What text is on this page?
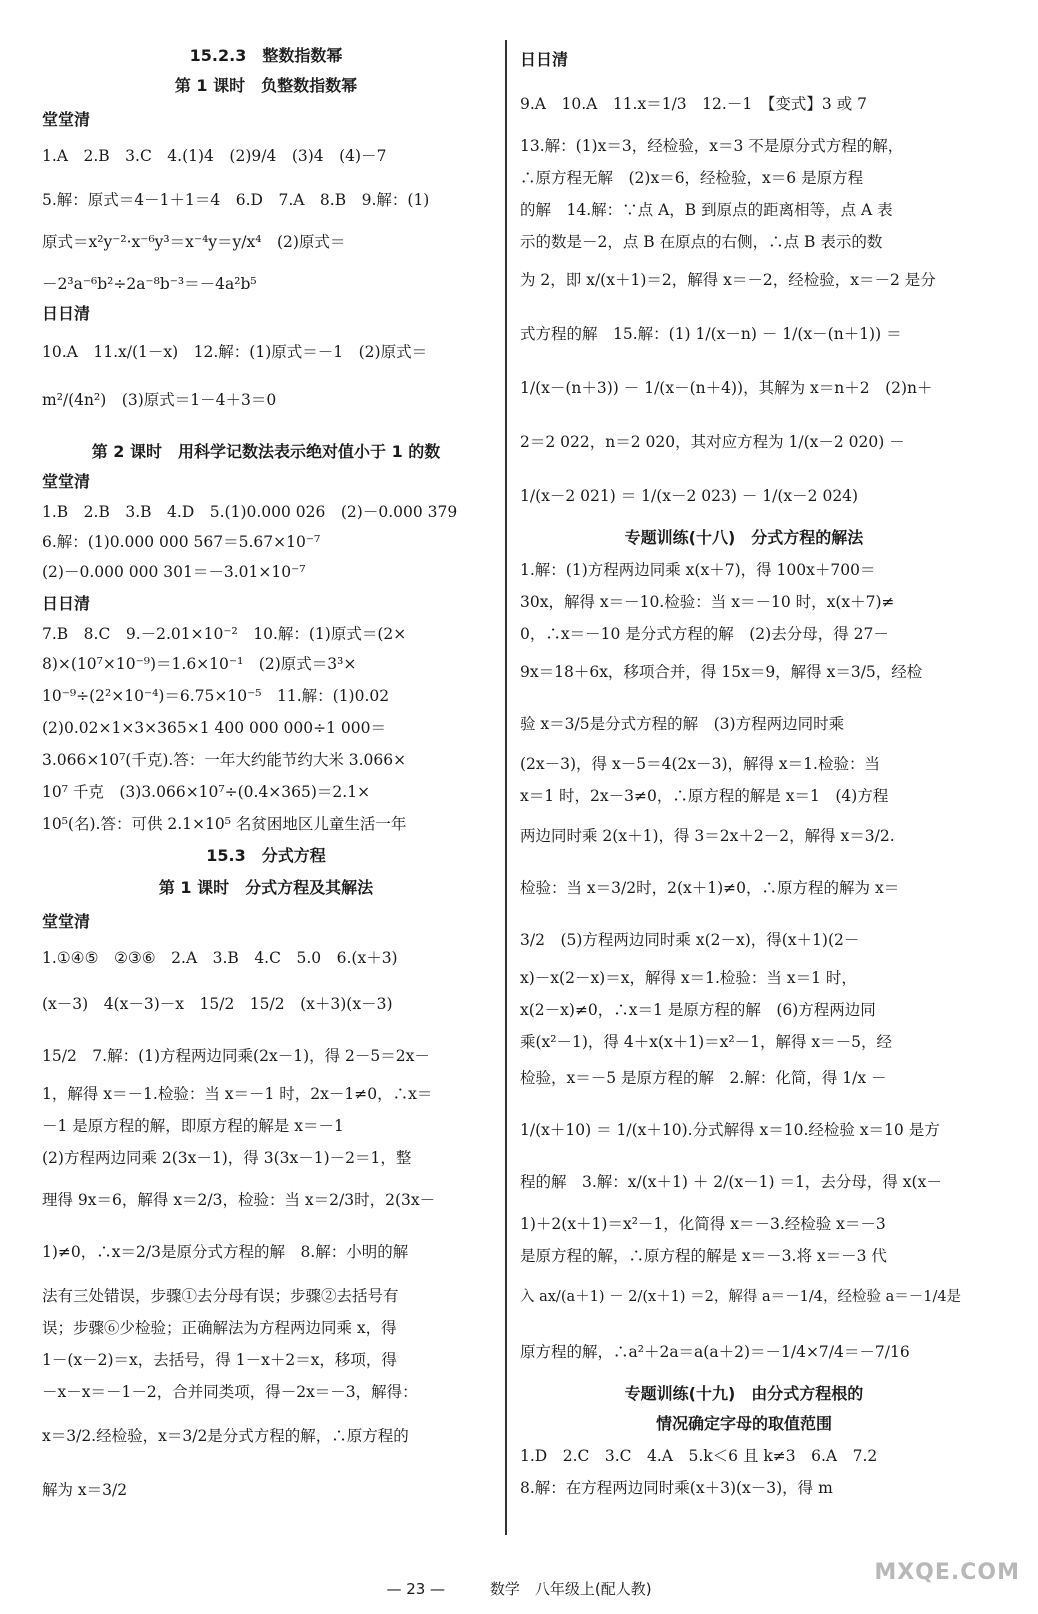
15.2.3　整数指数幂
第 1 课时　负整数指数幂
堂堂清
1.A　2.B　3.C　4.(1)4　(2)9/4　(3)4　(4)－7
5.解：原式＝4－1＋1＝4　6.D　7.A　8.B　9.解：(1)
原式＝x²y⁻²·x⁻⁶y³＝x⁻⁴y＝y/x⁴　(2)原式＝
－2³a⁻⁶b²÷2a⁻⁸b⁻³＝－4a²b⁵
日日清
10.A　11.x/(1－x)　12.解：(1)原式＝－1　(2)原式＝
m²/(4n²)　(3)原式＝1－4＋3＝0
第 2 课时　用科学记数法表示绝对值小于 1 的数
堂堂清
1.B　2.B　3.B　4.D　5.(1)0.000 026　(2)－0.000 379
6.解：(1)0.000 000 567＝5.67×10⁻⁷
(2)－0.000 000 301＝－3.01×10⁻⁷
日日清
7.B　8.C　9.－2.01×10⁻²　10.解：(1)原式＝(2×
8)×(10⁷×10⁻⁹)＝1.6×10⁻¹　(2)原式＝3³×
10⁻⁹÷(2²×10⁻⁴)＝6.75×10⁻⁵　11.解：(1)0.02
(2)0.02×1×3×365×1 400 000 000÷1 000＝
3.066×10⁷(千克).答：一年大约能节约大米 3.066×
10⁷ 千克　(3)3.066×10⁷÷(0.4×365)＝2.1×
10⁵(名).答：可供 2.1×10⁵ 名贫困地区儿童生活一年
15.3　分式方程
第 1 课时　分式方程及其解法
堂堂清
1.①④⑤　②③⑥　2.A　3.B　4.C　5.0　6.(x＋3)
(x－3)　4(x－3)－x　15/2　15/2　(x＋3)(x－3)
15/2　7.解：(1)方程两边同乘(2x－1)，得 2－5＝2x－
1，解得 x＝－1.检验：当 x＝－1 时，2x－1≠0，∴x＝
－1 是原方程的解，即原方程的解是 x＝－1
(2)方程两边同乘 2(3x－1)，得 3(3x－1)－2＝1，整
理得 9x＝6，解得 x＝2/3，检验：当 x＝2/3时，2(3x－
1)≠0，∴x＝2/3是原分式方程的解　8.解：小明的解
法有三处错误，步骤①去分母有误；步骤②去括号有
误；步骤⑥少检验；正确解法为方程两边同乘 x，得
1－(x－2)＝x，去括号，得 1－x＋2＝x，移项，得
－x－x＝－1－2，合并同类项，得－2x＝－3，解得：
x＝3/2.经检验，x＝3/2是分式方程的解，∴原方程的
解为 x＝3/2
日日清
9.A　10.A　11.x＝1/3　12.－1　【变式】3 或 7
13.解：(1)x＝3，经检验，x＝3 不是原分式方程的解，
∴原方程无解　(2)x＝6，经检验，x＝6 是原方程
的解　14.解：∵点 A，B 到原点的距离相等，点 A 表
示的数是－2，点 B 在原点的右侧，∴点 B 表示的数
为 2，即 x/(x＋1)＝2，解得 x＝－2，经检验，x＝－2 是分
式方程的解　15.解：(1) 1/(x－n) － 1/(x－(n＋1)) ＝
1/(x－(n＋3)) － 1/(x－(n＋4))，其解为 x＝n＋2　(2)n＋
2＝2 022，n＝2 020，其对应方程为 1/(x－2 020) －
1/(x－2 021) ＝ 1/(x－2 023) － 1/(x－2 024)
专题训练(十八)　分式方程的解法
1.解：(1)方程两边同乘 x(x＋7)，得 100x＋700＝
30x，解得 x＝－10.检验：当 x＝－10 时，x(x＋7)≠
0，∴x＝－10 是分式方程的解　(2)去分母，得 27－
9x＝18＋6x，移项合并，得 15x＝9，解得 x＝3/5，经检
验 x＝3/5是分式方程的解　(3)方程两边同时乘
(2x－3)，得 x－5＝4(2x－3)，解得 x＝1.检验：当
x＝1 时，2x－3≠0，∴原方程的解是 x＝1　(4)方程
两边同时乘 2(x＋1)，得 3＝2x＋2－2，解得 x＝3/2.
检验：当 x＝3/2时，2(x＋1)≠0，∴原方程的解为 x＝
3/2　(5)方程两边同时乘 x(2－x)，得(x＋1)(2－
x)－x(2－x)＝x，解得 x＝1.检验：当 x＝1 时，
x(2－x)≠0，∴x＝1 是原方程的解　(6)方程两边同
乘(x²－1)，得 4＋x(x＋1)＝x²－1，解得 x＝－5，经
检验，x＝－5 是原方程的解　2.解：化简，得 1/x －
1/(x＋10) ＝ 1/(x＋10).分式解得 x＝10.经检验 x＝10 是方
程的解　3.解：x/(x＋1) ＋ 2/(x－1) ＝1，去分母，得 x(x－
1)＋2(x＋1)＝x²－1，化简得 x＝－3.经检验 x＝－3
是原方程的解，∴原方程的解是 x＝－3.将 x＝－3 代
入 ax/(a＋1) － 2/(x＋1) ＝2，解得 a＝－1/4，经检验 a＝－1/4是
原方程的解，∴a²＋2a＝a(a＋2)＝－1/4×7/4＝－7/16
专题训练(十九)　由分式方程根的
情况确定字母的取值范围
1.D　2.C　3.C　4.A　5.k＜6 且 k≠3　6.A　7.2
8.解：在方程两边同时乘(x＋3)(x－3)，得 m
— 23 —	数学　八年级上(配人教)
MXQE.COM
